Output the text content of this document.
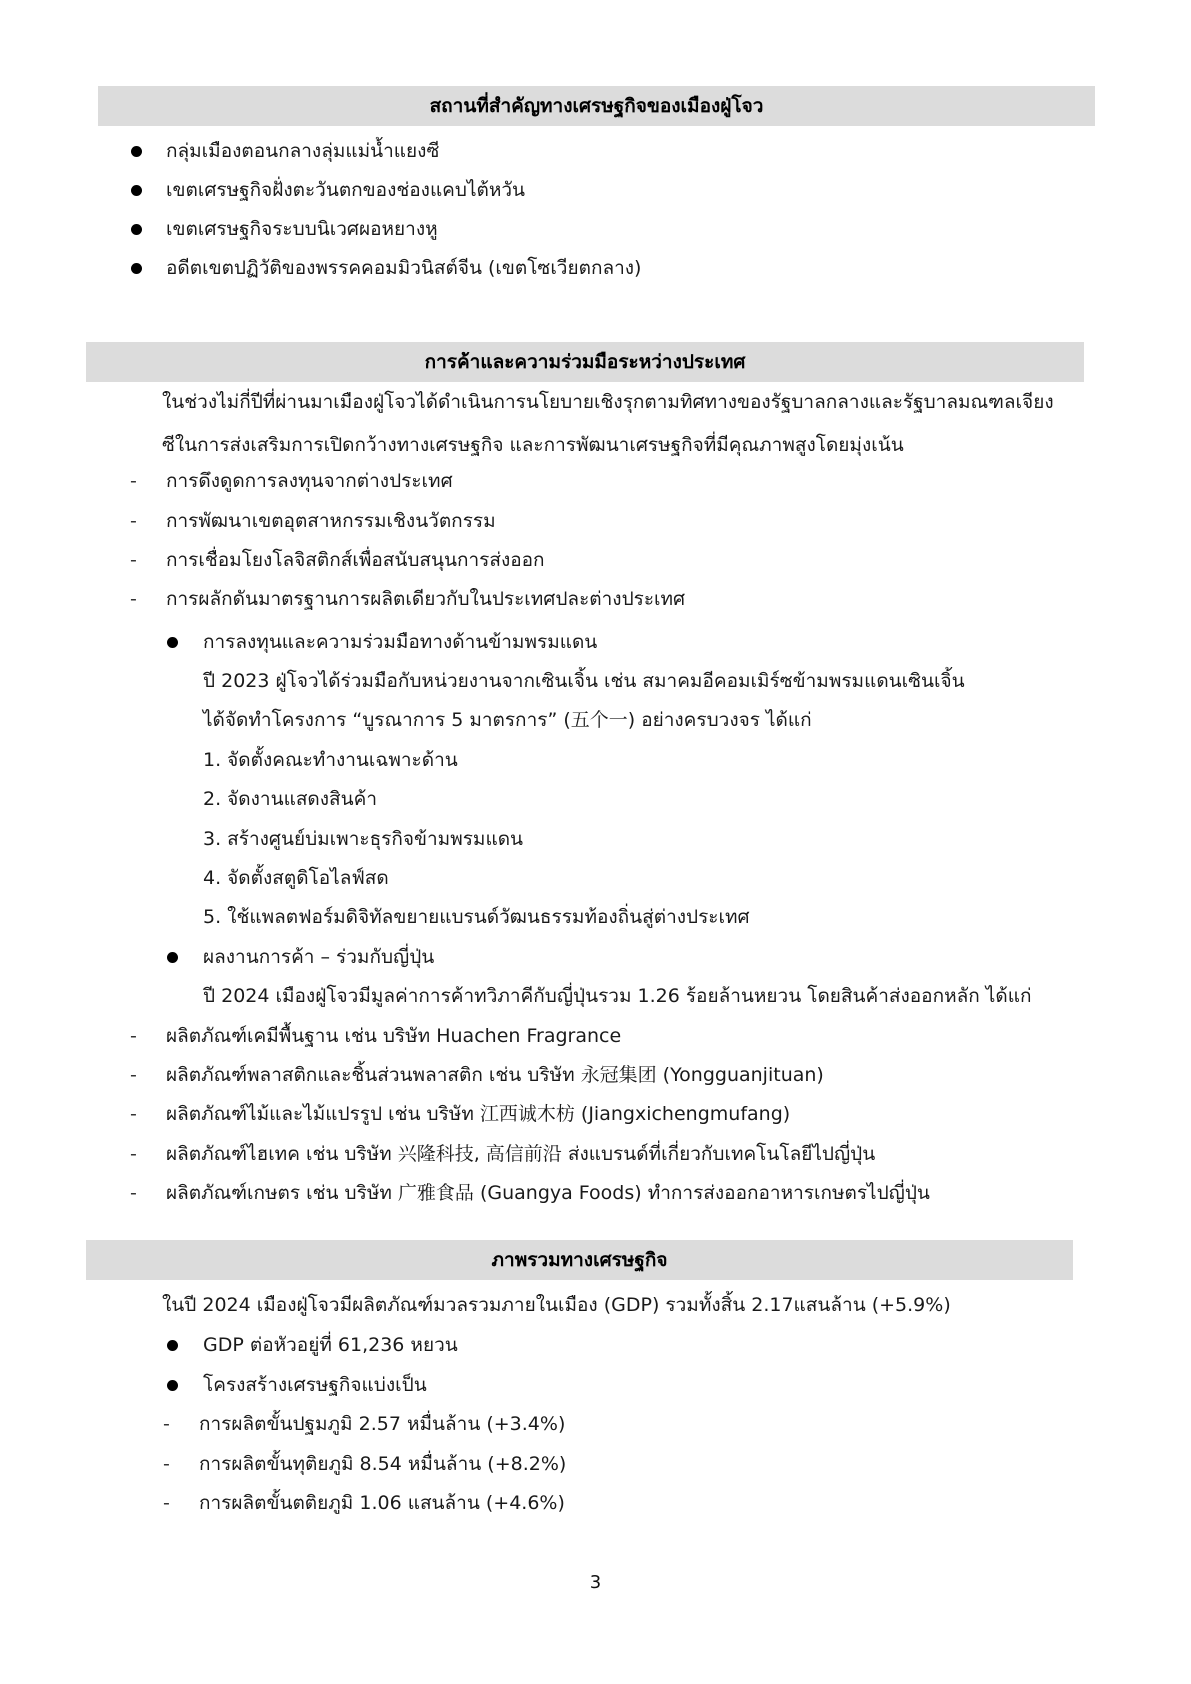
สถานที่สำคัญทางเศรษฐกิจของเมืองฝู่โจว
กลุ่มเมืองตอนกลางลุ่มแม่น้ำแยงซี
เขตเศรษฐกิจฝั่งตะวันตกของช่องแคบไต้หวัน
เขตเศรษฐกิจระบบนิเวศผอหยางหู
อดีตเขตปฏิวัติของพรรคคอมมิวนิสต์จีน (เขตโซเวียตกลาง)
การค้าและความร่วมมือระหว่างประเทศ
ในช่วงไม่กี่ปีที่ผ่านมาเมืองฝู่โจวได้ดำเนินการนโยบายเชิงรุกตามทิศทางของรัฐบาลกลางและรัฐบาลมณฑลเจียง
ซีในการส่งเสริมการเปิดกว้างทางเศรษฐกิจ และการพัฒนาเศรษฐกิจที่มีคุณภาพสูงโดยมุ่งเน้น
- การดึงดูดการลงทุนจากต่างประเทศ
- การพัฒนาเขตอุตสาหกรรมเชิงนวัตกรรม
- การเชื่อมโยงโลจิสติกส์เพื่อสนับสนุนการส่งออก
- การผลักดันมาตรฐานการผลิตเดียวกับในประเทศปละต่างประเทศ
การลงทุนและความร่วมมือทางด้านข้ามพรมแดน
ปี 2023 ฝู่โจวได้ร่วมมือกับหน่วยงานจากเซินเจิ้น เช่น สมาคมอีคอมเมิร์ซข้ามพรมแดนเซินเจิ้น
ได้จัดทำโครงการ “บูรณาการ 5 มาตรการ” (五个一) อย่างครบวงจร ได้แก่
1. จัดตั้งคณะทำงานเฉพาะด้าน
2. จัดงานแสดงสินค้า
3. สร้างศูนย์บ่มเพาะธุรกิจข้ามพรมแดน
4. จัดตั้งสตูดิโอไลฟ์สด
5. ใช้แพลตฟอร์มดิจิทัลขยายแบรนด์วัฒนธรรมท้องถิ่นสู่ต่างประเทศ
ผลงานการค้า – ร่วมกับญี่ปุ่น
ปี 2024 เมืองฝู่โจวมีมูลค่าการค้าทวิภาคีกับญี่ปุ่นรวม 1.26 ร้อยล้านหยวน โดยสินค้าส่งออกหลัก ได้แก่
- ผลิตภัณฑ์เคมีพื้นฐาน เช่น บริษัท Huachen Fragrance
- ผลิตภัณฑ์พลาสติกและชิ้นส่วนพลาสติก เช่น บริษัท 永冠集团 (Yongguanjituan)
- ผลิตภัณฑ์ไม้และไม้แปรรูป เช่น บริษัท 江西诚木枋 (Jiangxichengmufang)
- ผลิตภัณฑ์ไฮเทค เช่น บริษัท 兴隆科技, 高信前沿 ส่งแบรนด์ที่เกี่ยวกับเทคโนโลยีไปญี่ปุ่น
- ผลิตภัณฑ์เกษตร เช่น บริษัท 广雅食品 (Guangya Foods) ทำการส่งออกอาหารเกษตรไปญี่ปุ่น
ภาพรวมทางเศรษฐกิจ
ในปี 2024 เมืองฝู่โจวมีผลิตภัณฑ์มวลรวมภายในเมือง (GDP) รวมทั้งสิ้น 2.17แสนล้าน (+5.9%)
GDP ต่อหัวอยู่ที่ 61,236 หยวน
โครงสร้างเศรษฐกิจแบ่งเป็น
- การผลิตขั้นปฐมภูมิ 2.57 หมื่นล้าน (+3.4%)
- การผลิตขั้นทุติยภูมิ 8.54 หมื่นล้าน (+8.2%)
- การผลิตขั้นตติยภูมิ 1.06 แสนล้าน (+4.6%)
3
